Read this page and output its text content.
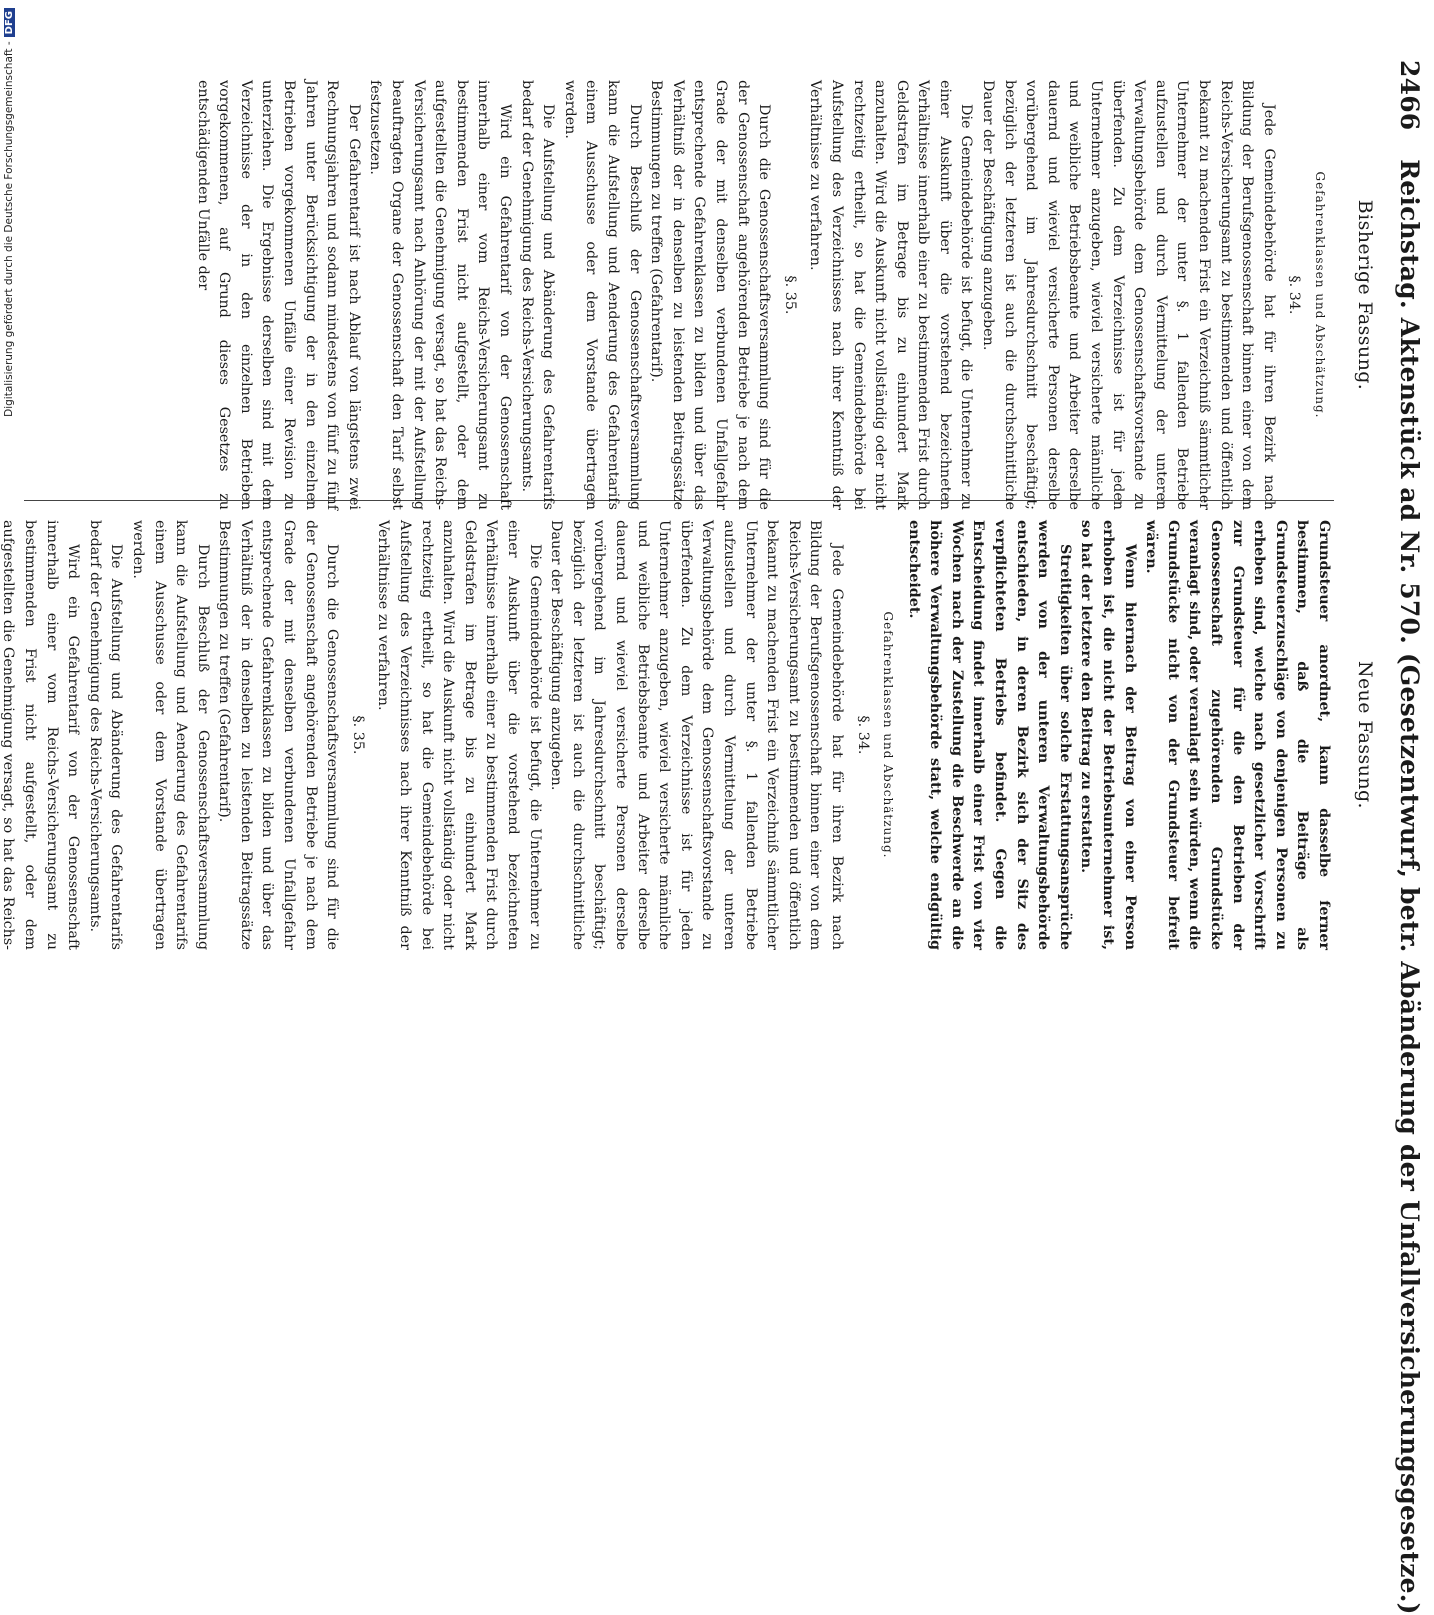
2466 Reichstag. Aktenstück ad Nr. 570. (Gesetzentwurf, betr. Abänderung der Unfallversicherungsgesetze.)
Bisherige Fassung.
Neue Fassung.

Gefahrenklassen und Abschätzung.

§. 34.

Jede Gemeindebehörde hat für ihren Bezirk nach Bildung der Berufsgenossenschaft binnen einer von dem Reichs-Versicherungsamt zu bestimmenden und öffentlich bekannt zu machenden Frist ein Verzeichniß sämmtlicher Unternehmer der unter §. 1 fallenden Betriebe aufzustellen und durch Vermittelung der unteren Verwaltungsbehörde dem Genossenschaftsvorstande zu überfenden. Zu dem Verzeichnisse ist für jeden Unternehmer anzugeben, wieviel versicherte männliche und weibliche Betriebsbeamte und Arbeiter derselbe dauernd und wieviel versicherte Personen derselbe vorübergehend im Jahresdurchschnitt beschäftigt; bezüglich der letzteren ist auch die durchschnittliche Dauer der Beschäftigung anzugeben.

Die Gemeindebehörde ist befugt, die Unternehmer zu einer Auskunft über die vorstehend bezeichneten Verhältnisse innerhalb einer zu bestimmenden Frist durch Geldstrafen im Betrage bis zu einhundert Mark anzuhalten. Wird die Auskunft nicht vollständig oder nicht rechtzeitig ertheilt, so hat die Gemeindebehörde bei Aufstellung des Verzeichnisses nach ihrer Kenntniß der Verhältnisse zu verfahren.

§. 35.

Durch die Genossenschaftsversammlung sind für die der Genossenschaft angehörenden Betriebe je nach dem Grade der mit denselben verbundenen Unfallgefahr entsprechende Gefahrenklassen zu bilden und über das Verhältniß der in denselben zu leistenden Beitragssätze Bestimmungen zu treffen (Gefahrentarif).

Durch Beschluß der Genossenschaftsversammlung kann die Aufstellung und Aenderung des Gefahrentarifs einem Ausschusse oder dem Vorstande übertragen werden.

Die Aufstellung und Abänderung des Gefahrentarifs bedarf der Genehmigung des Reichs-Versicherungsamts.

Wird ein Gefahrentarif von der Genossenschaft innerhalb einer vom Reichs-Versicherungsamt zu bestimmenden Frist nicht aufgestellt, oder dem aufgestellten die Genehmigung versagt, so hat das Reichs-Versicherungsamt nach Anhörung der mit der Aufstellung beauftragten Organe der Genossenschaft den Tarif selbst festzusetzen.

Der Gefahrentarif ist nach Ablauf von längstens zwei Rechnungsjahren und sodann mindestens von fünf zu fünf Jahren unter Berücksichtigung der in den einzelnen Betrieben vorgekommenen Unfälle einer Revision zu unterziehen. Die Ergebnisse derselben sind mit dem Verzeichnisse der in den einzelnen Betrieben vorgekommenen, auf Grund dieses Gesetzes zu entschädigenden Unfälle der

Grundsteuer anordnet, kann dasselbe ferner bestimmen, daß die Beiträge als Grundsteuerzuschläge von denjenigen Personen zu erheben sind, welche nach gesetzlicher Vorschrift zur Grundsteuer für die den Betrieben der Genossenschaft zugehörenden Grundstücke veranlagt sind, oder veranlagt sein würden, wenn die Grundstücke nicht von der Grundsteuer befreit wären.

Wenn hiernach der Beitrag von einer Person erhoben ist, die nicht der Betriebsunternehmer ist, so hat der letztere den Beitrag zu erstatten.

Streitigkeiten über solche Erstattungsansprüche werden von der unteren Verwaltungsbehörde entschieden, in deren Bezirk sich der Sitz des verpflichteten Betriebs befindet. Gegen die Entscheidung findet innerhalb einer Frist von vier Wochen nach der Zustellung die Beschwerde an die höhere Verwaltungsbehörde statt, welche endgültig entscheidet.

Gefahrenklassen und Abschätzung.

§. 34.

Jede Gemeindebehörde hat für ihren Bezirk nach Bildung der Berufsgenossenschaft binnen einer von dem Reichs-Versicherungsamt zu bestimmenden und öffentlich bekannt zu machenden Frist ein Verzeichniß sämmtlicher Unternehmer der unter §. 1 fallenden Betriebe aufzustellen und durch Vermittelung der unteren Verwaltungsbehörde dem Genossenschaftsvorstande zu überfenden. Zu dem Verzeichnisse ist für jeden Unternehmer anzugeben, wieviel versicherte männliche und weibliche Betriebsbeamte und Arbeiter derselbe dauernd und wieviel versicherte Personen derselbe vorübergehend im Jahresdurchschnitt beschäftigt; bezüglich der letzteren ist auch die durchschnittliche Dauer der Beschäftigung anzugeben.

Die Gemeindebehörde ist befugt, die Unternehmer zu einer Auskunft über die vorstehend bezeichneten Verhältnisse innerhalb einer zu bestimmenden Frist durch Geldstrafen im Betrage bis zu einhundert Mark anzuhalten. Wird die Auskunft nicht vollständig oder nicht rechtzeitig ertheilt, so hat die Gemeindebehörde bei Aufstellung des Verzeichnisses nach ihrer Kenntniß der Verhältnisse zu verfahren.

§. 35.

Durch die Genossenschaftsversammlung sind für die der Genossenschaft angehörenden Betriebe je nach dem Grade der mit denselben verbundenen Unfallgefahr entsprechende Gefahrenklassen zu bilden und über das Verhältniß der in denselben zu leistenden Beitragssätze Bestimmungen zu treffen (Gefahrentarif).

Durch Beschluß der Genossenschaftsversammlung kann die Aufstellung und Aenderung des Gefahrentarifs einem Ausschusse oder dem Vorstande übertragen werden.

Die Aufstellung und Abänderung des Gefahrentarifs bedarf der Genehmigung des Reichs-Versicherungsamts.

Wird ein Gefahrentarif von der Genossenschaft innerhalb einer vom Reichs-Versicherungsamt zu bestimmenden Frist nicht aufgestellt, oder dem aufgestellten die Genehmigung versagt, so hat das Reichs-

Digitalisierung gefördert durch die Deutsche Forschungsgemeinschaft -
DFG
